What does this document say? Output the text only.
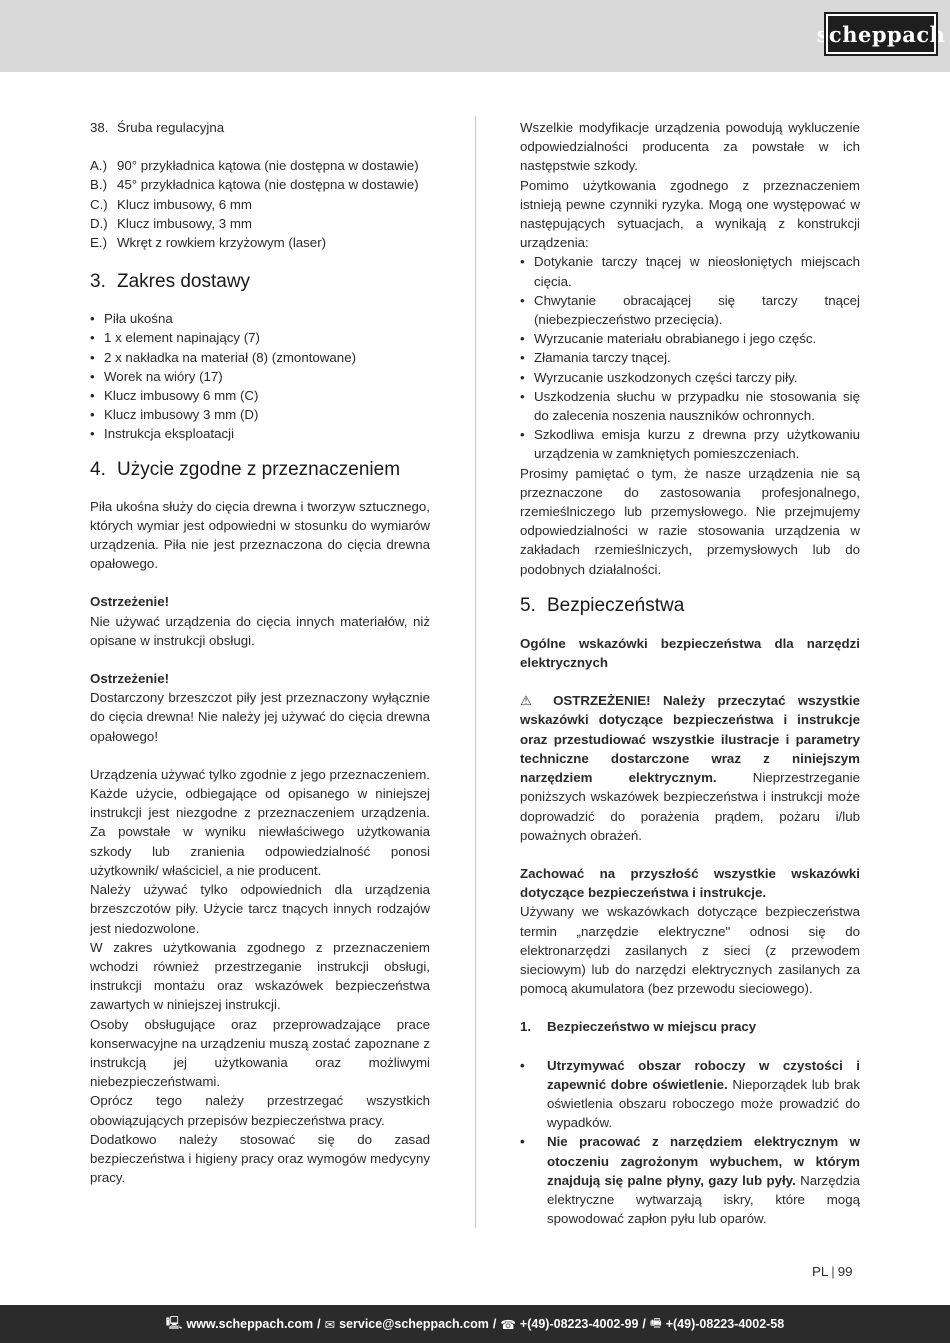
scheppach
38. Śruba regulacyjna
A.) 90° przykładnica kątowa (nie dostępna w dostawie)
B.) 45° przykładnica kątowa (nie dostępna w dostawie)
C.) Klucz imbusowy, 6 mm
D.) Klucz imbusowy, 3 mm
E.) Wkręt z rowkiem krzyżowym (laser)
3. Zakres dostawy
• Piła ukośna
• 1 x element napinający (7)
• 2 x nakładka na materiał (8) (zmontowane)
• Worek na wióry (17)
• Klucz imbusowy 6 mm (C)
• Klucz imbusowy 3 mm (D)
• Instrukcja eksploatacji
4. Użycie zgodne z przeznaczeniem

Piła ukośna służy do cięcia drewna i tworzyw sztucznego, których wymiar jest odpowiedni w stosunku do wymiarów urządzenia. Piła nie jest przeznaczona do cięcia drewna opałowego.

Ostrzeżenie!

Nie używać urządzenia do cięcia innych materiałów, niż opisane w instrukcji obsługi.

Ostrzeżenie!

Dostarczony brzeszczot piły jest przeznaczony wyłącznie do cięcia drewna! Nie należy jej używać do cięcia drewna opałowego!

Urządzenia używać tylko zgodnie z jego przeznaczeniem. Każde użycie, odbiegające od opisanego w niniejszej instrukcji jest niezgodne z przeznaczeniem urządzenia. Za powstałe w wyniku niewłaściwego użytkowania szkody lub zranienia odpowiedzialność ponosi użytkownik/ właściciel, a nie producent.

Należy używać tylko odpowiednich dla urządzenia brzeszczotów piły. Użycie tarcz tnących innych rodzajów jest niedozwolone.

W zakres użytkowania zgodnego z przeznaczeniem wchodzi również przestrzeganie instrukcji obsługi, instrukcji montażu oraz wskazówek bezpieczeństwa zawartych w niniejszej instrukcji.

Osoby obsługujące oraz przeprowadzające prace konserwacyjne na urządzeniu muszą zostać zapoznane z instrukcją jej użytkowania oraz możliwymi niebezpieczeństwami.

Oprócz tego należy przestrzegać wszystkich obowiązujących przepisów bezpieczeństwa pracy.

Dodatkowo należy stosować się do zasad bezpieczeństwa i higieny pracy oraz wymogów medycyny pracy.

Wszelkie modyfikacje urządzenia powodują wykluczenie odpowiedzialności producenta za powstałe w ich następstwie szkody.

Pomimo użytkowania zgodnego z przeznaczeniem istnieją pewne czynniki ryzyka. Mogą one występować w następujących sytuacjach, a wynikają z konstrukcji urządzenia:

• Dotykanie tarczy tnącej w nieosłoniętych miejscach cięcia.
• Chwytanie obracającej się tarczy tnącej (niebezpieczeństwo przecięcia).
• Wyrzucanie materiału obrabianego i jego częśc.
• Złamania tarczy tnącej.
• Wyrzucanie uszkodzonych części tarczy piły.
• Uszkodzenia słuchu w przypadku nie stosowania się do zalecenia noszenia nauszników ochronnych.
• Szkodliwa emisja kurzu z drewna przy użytkowaniu urządzenia w zamkniętych pomieszczeniach.

Prosimy pamiętać o tym, że nasze urządzenia nie są przeznaczone do zastosowania profesjonalnego, rzemieślniczego lub przemysłowego. Nie przejmujemy odpowiedzialności w razie stosowania urządzenia w zakładach rzemieślniczych, przemysłowych lub do podobnych działalności.

5. Bezpieczeństwa

Ogólne wskazówki bezpieczeństwa dla narzędzi elektrycznych

⚠ OSTRZEŻENIE! Należy przeczytać wszystkie wskazówki dotyczące bezpieczeństwa i instrukcje oraz przestudiować wszystkie ilustracje i parametry techniczne dostarczone wraz z niniejszym narzędziem elektrycznym. Nieprzestrzeganie poniższych wskazówek bezpieczeństwa i instrukcji może doprowadzić do porażenia prądem, pożaru i/lub poważnych obrażeń.

Zachować na przyszłość wszystkie wskazówki dotyczące bezpieczeństwa i instrukcje.

Używany we wskazówkach dotyczące bezpieczeństwa termin „narzędzie elektryczne" odnosi się do elektronarzędzi zasilanych z sieci (z przewodem sieciowym) lub do narzędzi elektrycznych zasilanych za pomocą akumulatora (bez przewodu sieciowego).

1.	Bezpieczeństwo w miejscu pracy
•	Utrzymywać obszar roboczy w czystości i zapewnić dobre oświetlenie. Nieporządek lub brak oświetlenia obszaru roboczego może prowadzić do wypadków.
•	Nie pracować z narzędziem elektrycznym w otoczeniu zagrożonym wybuchem, w którym znajdują się palne płyny, gazy lub pyły. Narzędzia elektryczne wytwarzają iskry, które mogą spowodować zapłon pyłu lub oparów.
PL | 99
🖳 www.scheppach.com / ✉ service@scheppach.com / ☎ +(49)-08223-4002-99 / 🖷 +(49)-08223-4002-58
